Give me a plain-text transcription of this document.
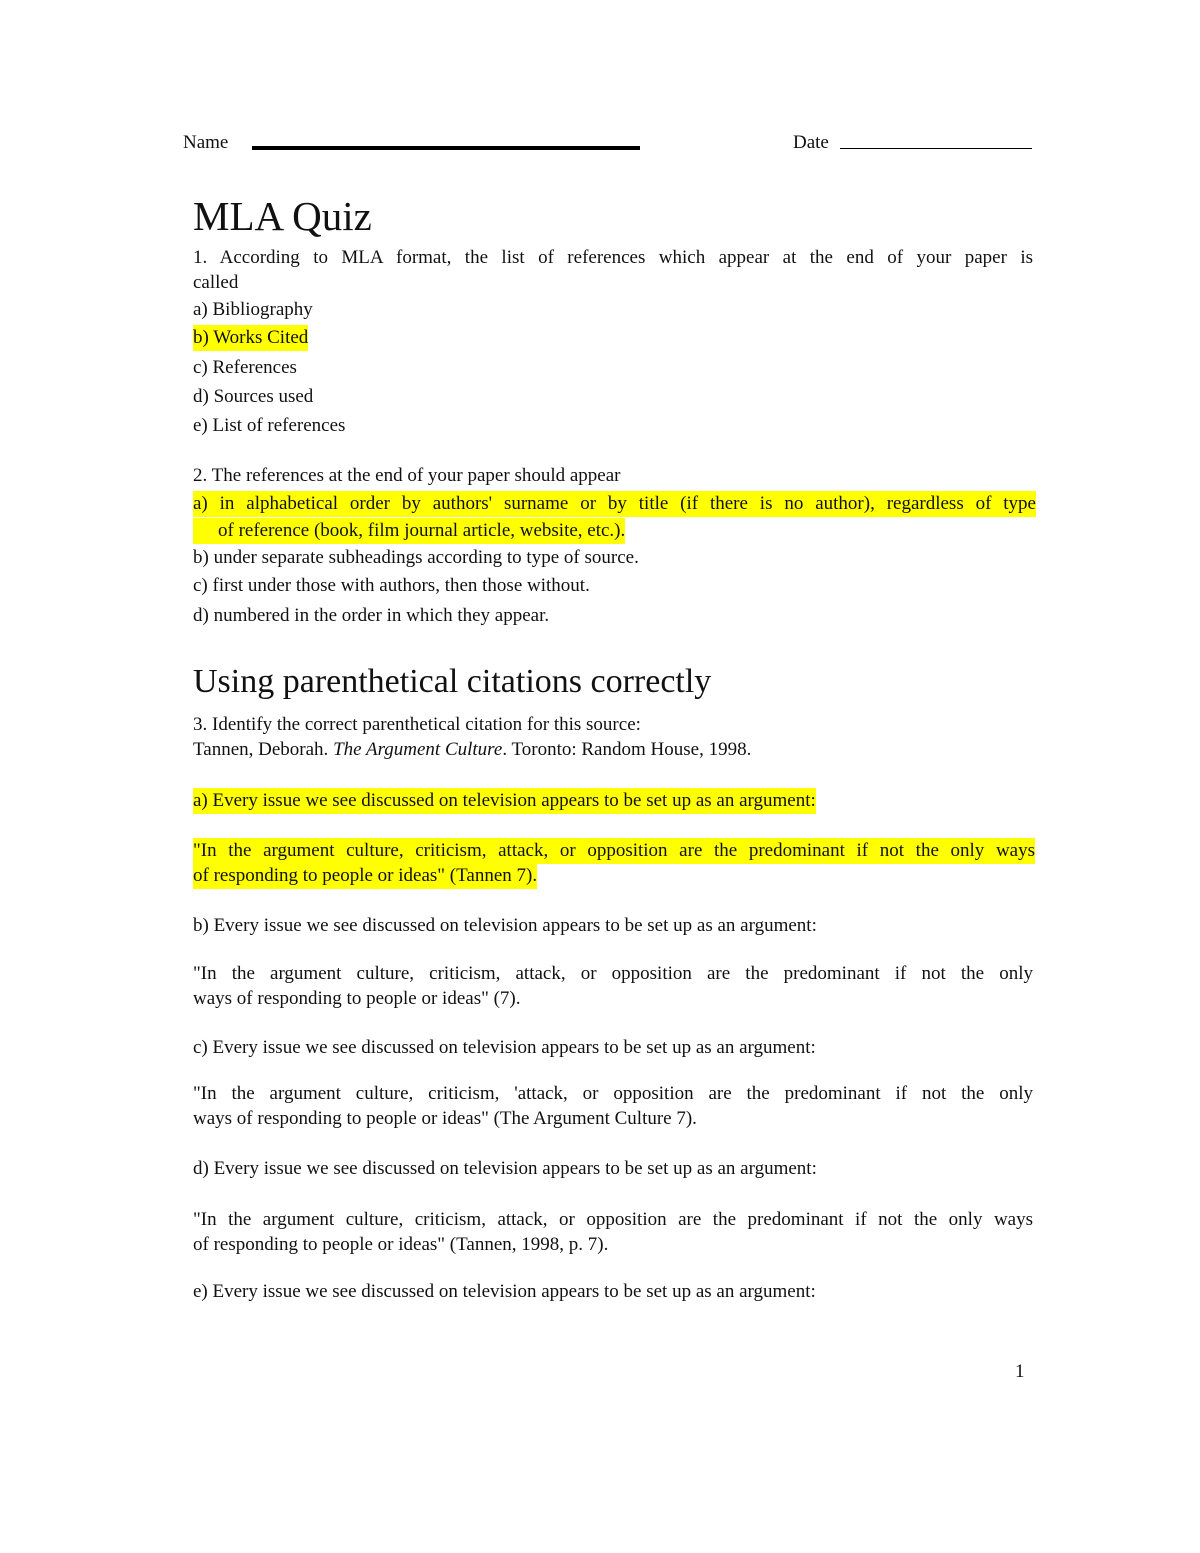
Name	Date
MLA Quiz
1. According to MLA format, the list of references which appear at the end of your paper is
called
a) Bibliography
b) Works Cited
c) References
d) Sources used
e) List of references
2. The references at the end of your paper should appear
a) in alphabetical order by authors' surname or by title (if there is no author), regardless of type
of reference (book, film journal article, website, etc.).
b) under separate subheadings according to type of source.
c) first under those with authors, then those without.
d) numbered in the order in which they appear.
Using parenthetical citations correctly
3. Identify the correct parenthetical citation for this source:
Tannen, Deborah. The Argument Culture. Toronto: Random House, 1998.
a) Every issue we see discussed on television appears to be set up as an argument:
"In the argument culture, criticism, attack, or opposition are the predominant if not the only ways
of responding to people or ideas" (Tannen 7).
b) Every issue we see discussed on television appears to be set up as an argument:
"In the argument culture, criticism, attack, or opposition are the predominant if not the only
ways of responding to people or ideas" (7).
c) Every issue we see discussed on television appears to be set up as an argument:
"In the argument culture, criticism, 'attack, or opposition are the predominant if not the only
ways of responding to people or ideas" (The Argument Culture 7).
d) Every issue we see discussed on television appears to be set up as an argument:
"In the argument culture, criticism, attack, or opposition are the predominant if not the only ways
of responding to people or ideas" (Tannen, 1998, p. 7).
e) Every issue we see discussed on television appears to be set up as an argument:
1
